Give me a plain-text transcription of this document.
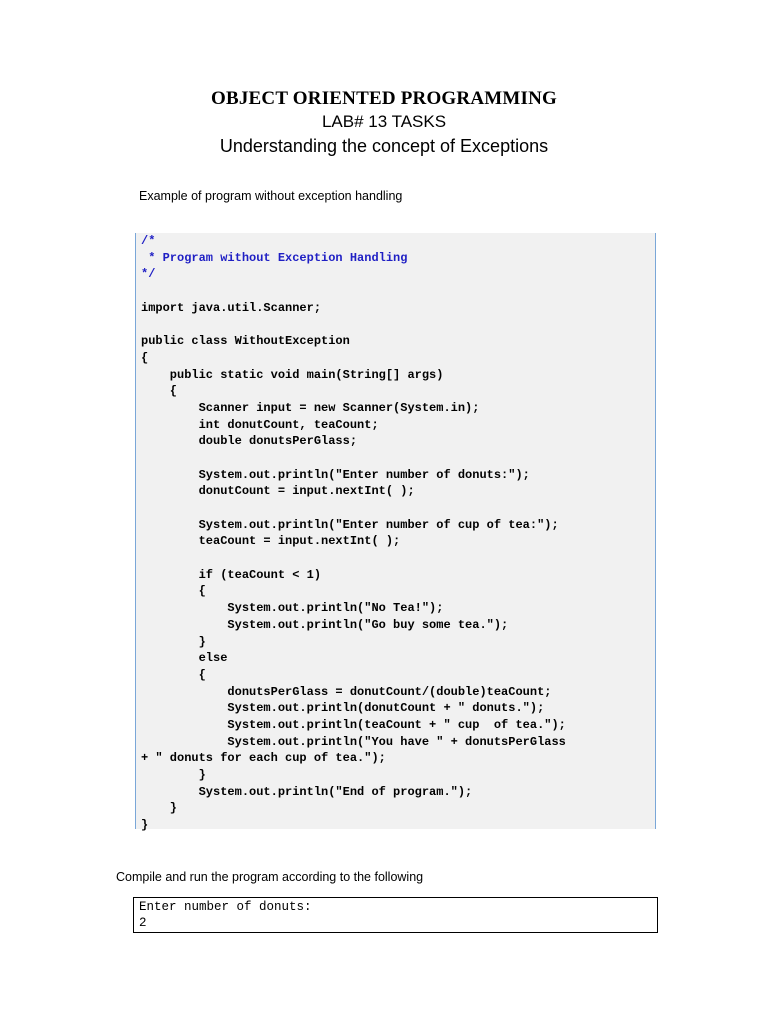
OBJECT ORIENTED PROGRAMMING
LAB# 13 TASKS
Understanding the concept of Exceptions
Example of program without exception handling
/*
* Program without Exception Handling
*/
import java.util.Scanner;
public class WithoutException
{
public static void main(String[] args)
{
Scanner input = new Scanner(System.in);
int donutCount, teaCount;
double donutsPerGlass;
System.out.println("Enter number of donuts:");
donutCount = input.nextInt( );
System.out.println("Enter number of cup of tea:");
teaCount = input.nextInt( );
if (teaCount < 1)
{
System.out.println("No Tea!");
System.out.println("Go buy some tea.");
}
else
{
donutsPerGlass = donutCount/(double)teaCount;
System.out.println(donutCount + " donuts.");
System.out.println(teaCount + " cup  of tea.");
System.out.println("You have " + donutsPerGlass
+ " donuts for each cup of tea.");
}
System.out.println("End of program.");
}
}
Compile and run the program according to the following
Enter number of donuts:
2
